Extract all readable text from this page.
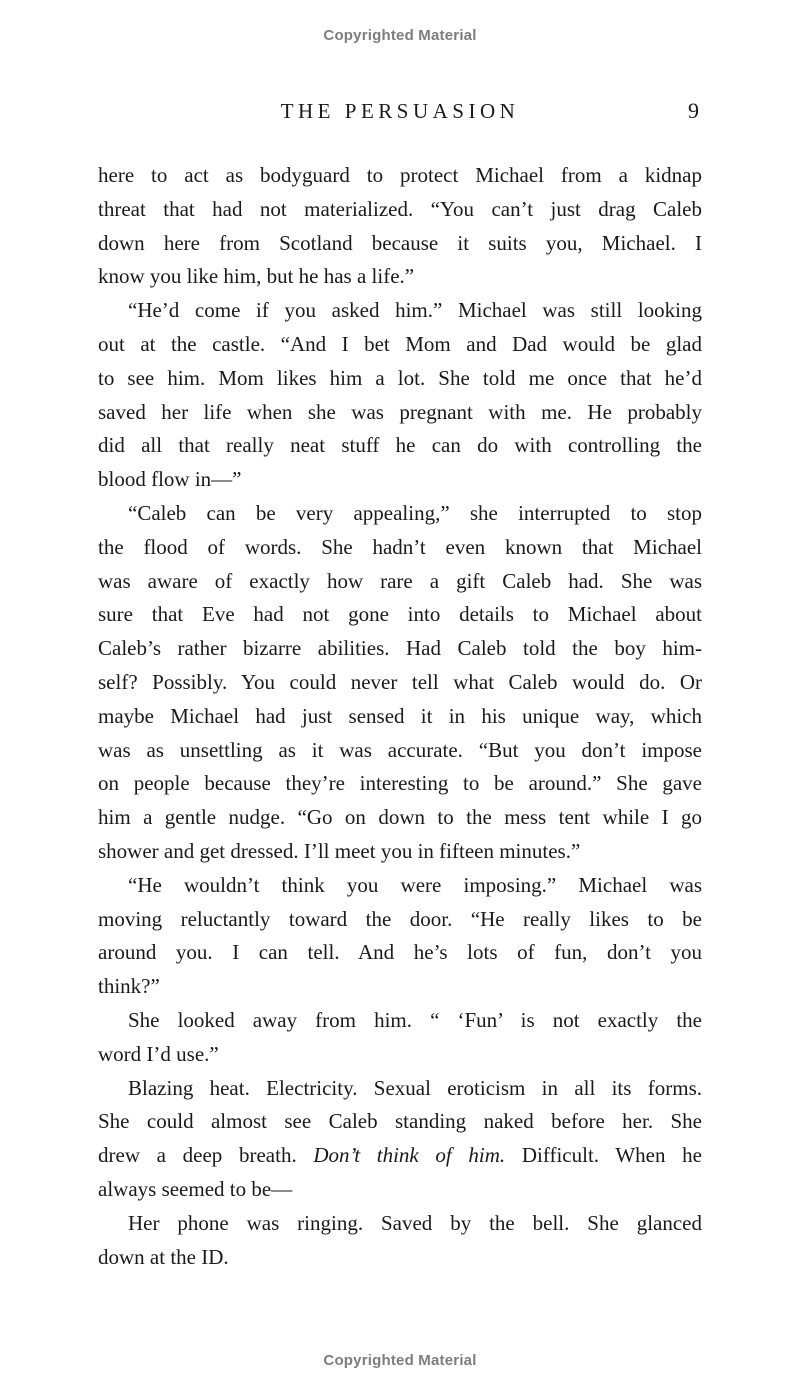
Copyrighted Material
THE PERSUASION	9
here to act as bodyguard to protect Michael from a kidnap
threat that had not materialized. “You can’t just drag Caleb
down here from Scotland because it suits you, Michael. I
know you like him, but he has a life.”
“He’d come if you asked him.” Michael was still looking
out at the castle. “And I bet Mom and Dad would be glad
to see him. Mom likes him a lot. She told me once that he’d
saved her life when she was pregnant with me. He probably
did all that really neat stuff he can do with controlling the
blood flow in—”
“Caleb can be very appealing,” she interrupted to stop
the flood of words. She hadn’t even known that Michael
was aware of exactly how rare a gift Caleb had. She was
sure that Eve had not gone into details to Michael about
Caleb’s rather bizarre abilities. Had Caleb told the boy him-
self? Possibly. You could never tell what Caleb would do. Or
maybe Michael had just sensed it in his unique way, which
was as unsettling as it was accurate. “But you don’t impose
on people because they’re interesting to be around.” She gave
him a gentle nudge. “Go on down to the mess tent while I go
shower and get dressed. I’ll meet you in fifteen minutes.”
“He wouldn’t think you were imposing.” Michael was
moving reluctantly toward the door. “He really likes to be
around you. I can tell. And he’s lots of fun, don’t you
think?”
She looked away from him. “ ‘Fun’ is not exactly the
word I’d use.”
Blazing heat. Electricity. Sexual eroticism in all its forms.
She could almost see Caleb standing naked before her. She
drew a deep breath. Don’t think of him. Difficult. When he
always seemed to be—
Her phone was ringing. Saved by the bell. She glanced
down at the ID.
Copyrighted Material
